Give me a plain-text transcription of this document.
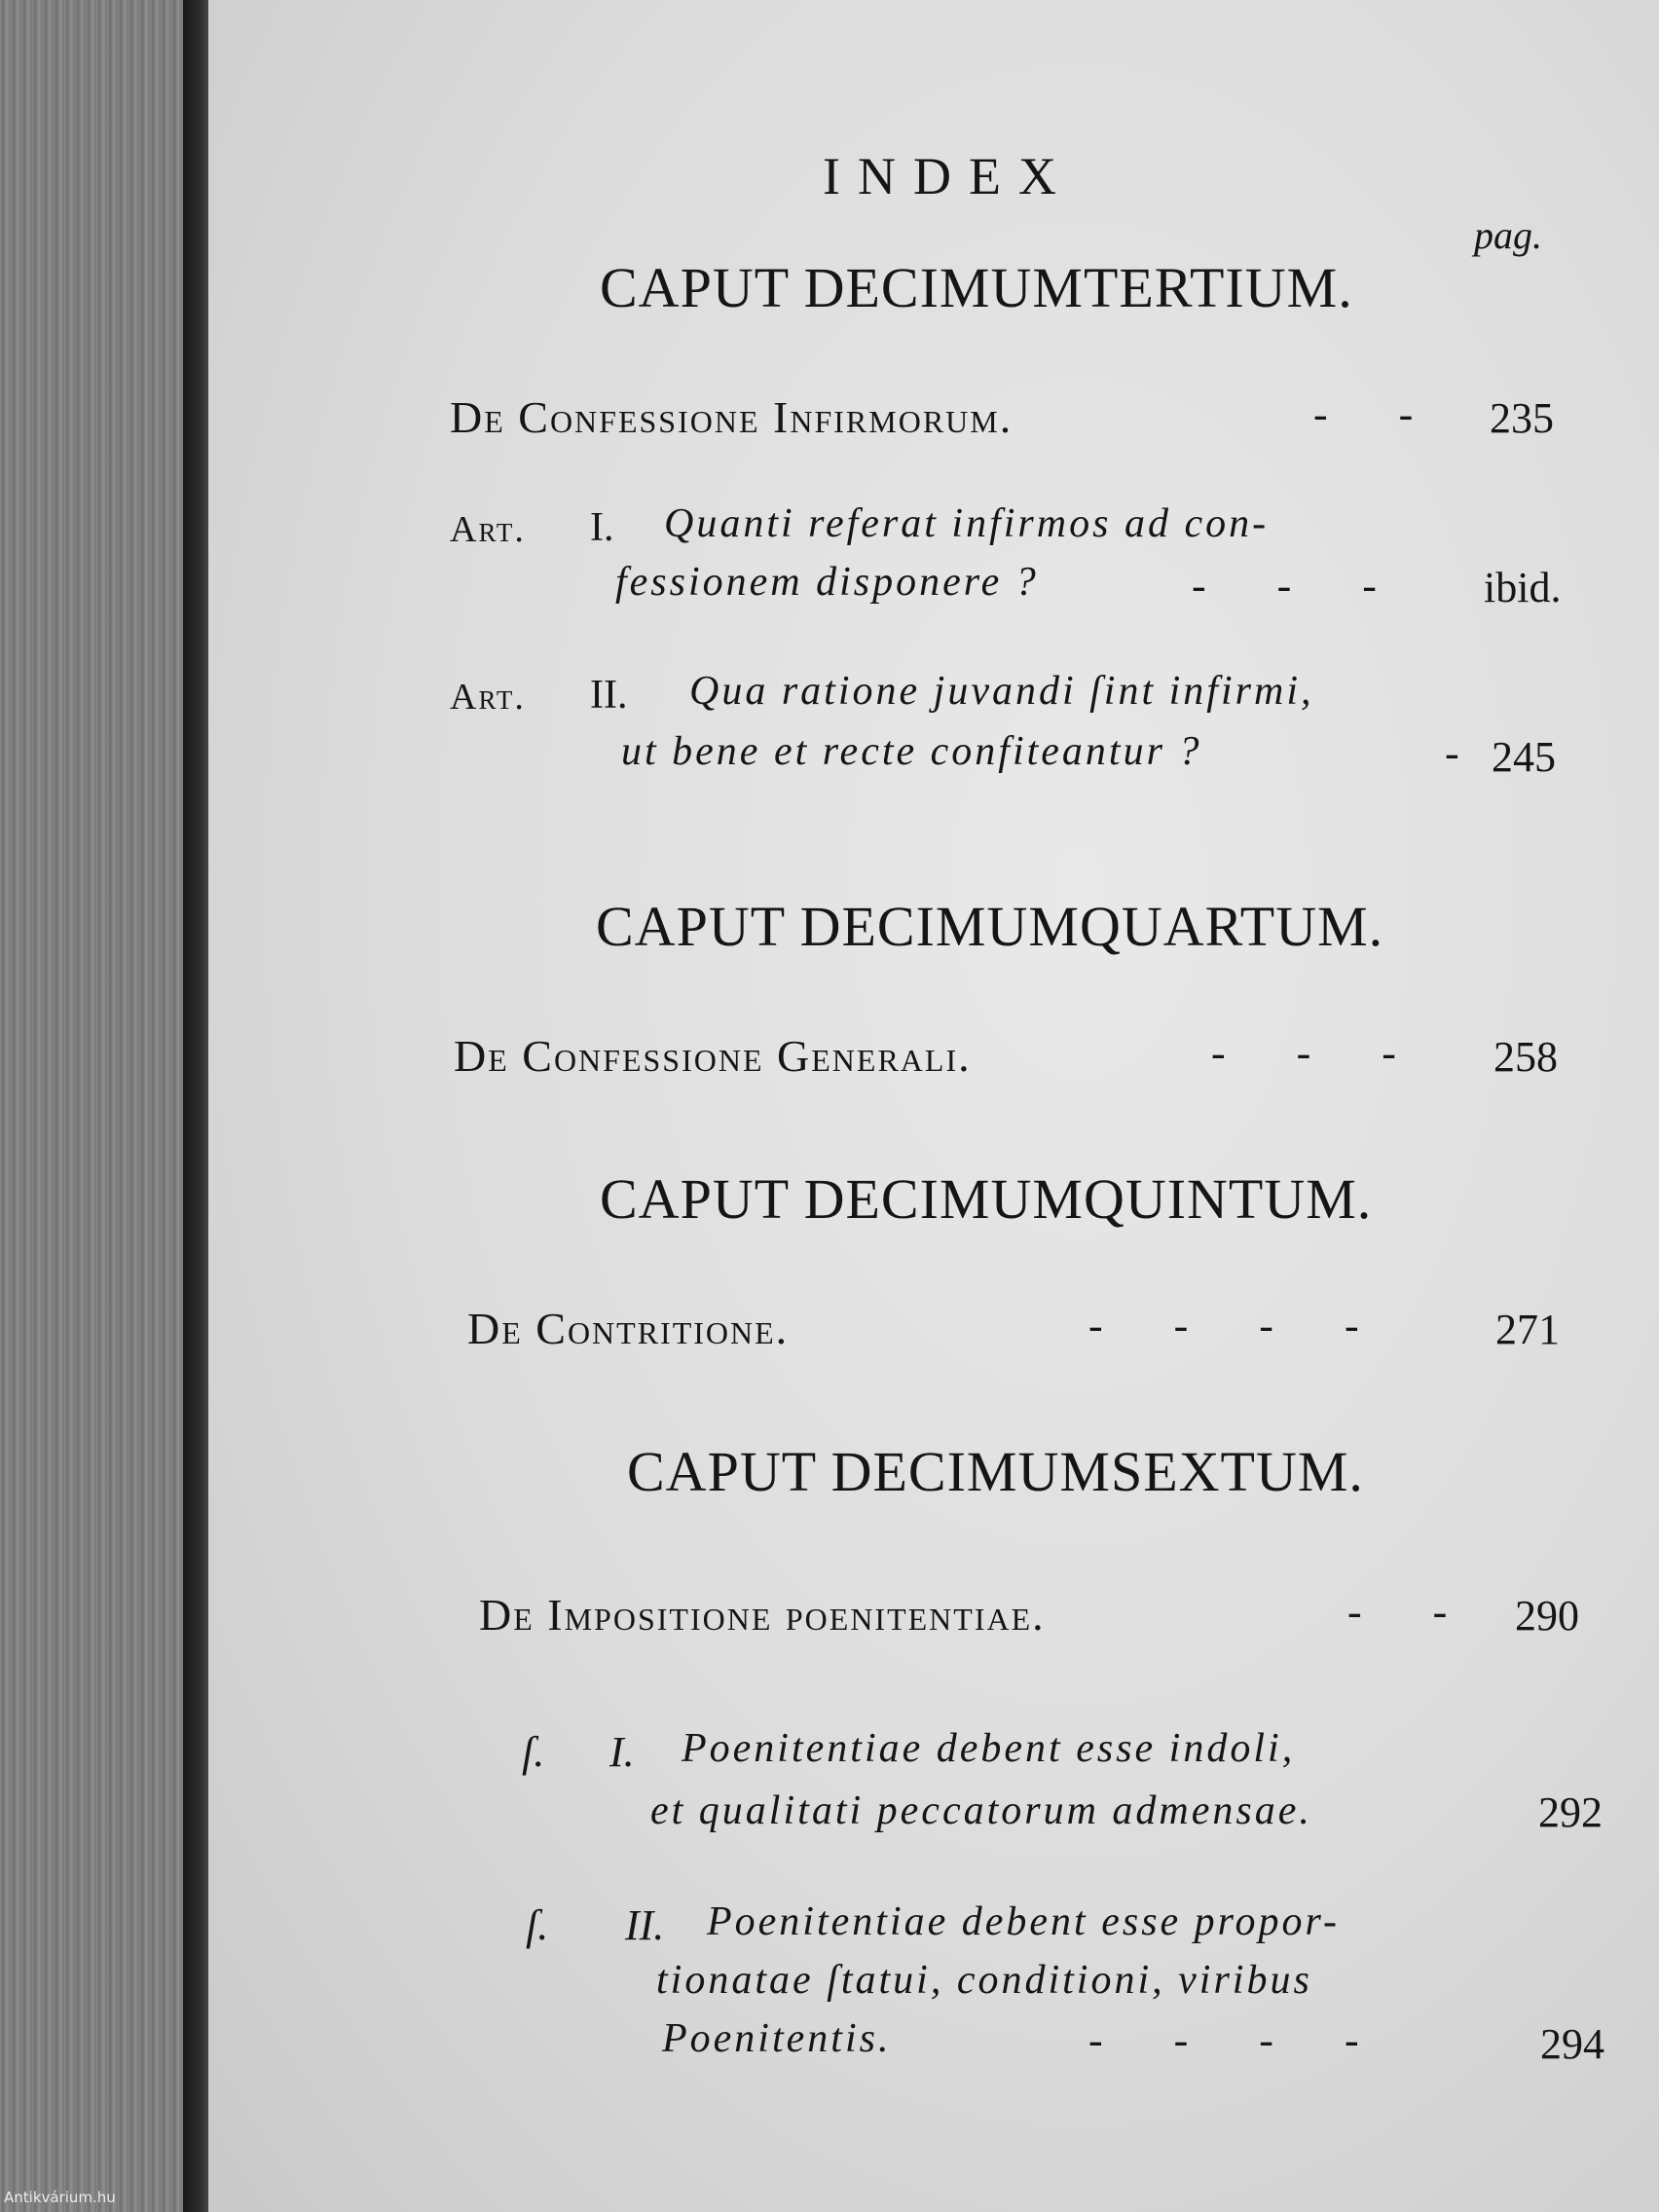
INDEX
pag.
CAPUT DECIMUMTERTIUM.
De Confessione Infirmorum.	- - 235
Art. I. Quanti referat infirmos ad con-
fessionem disponere ?	- - - ibid.
Art. II. Qua ratione juvandi ſint infirmi,
ut bene et recte confiteantur ?	- 245
CAPUT DECIMUMQUARTUM.
De Confessione Generali.	- - - 258
CAPUT DECIMUMQUINTUM.
De Contritione.	- - - -	271
CAPUT DECIMUMSEXTUM.
De Impositione poenitentiae.	- - 290
ſ. I. Poenitentiae debent esse indoli,
et qualitati peccatorum admensae.	292
ſ. II. Poenitentiae debent esse propor-
tionatae ſtatui, conditioni, viribus
Poenitentis.	- - - -	294
Antikvárium.hu
